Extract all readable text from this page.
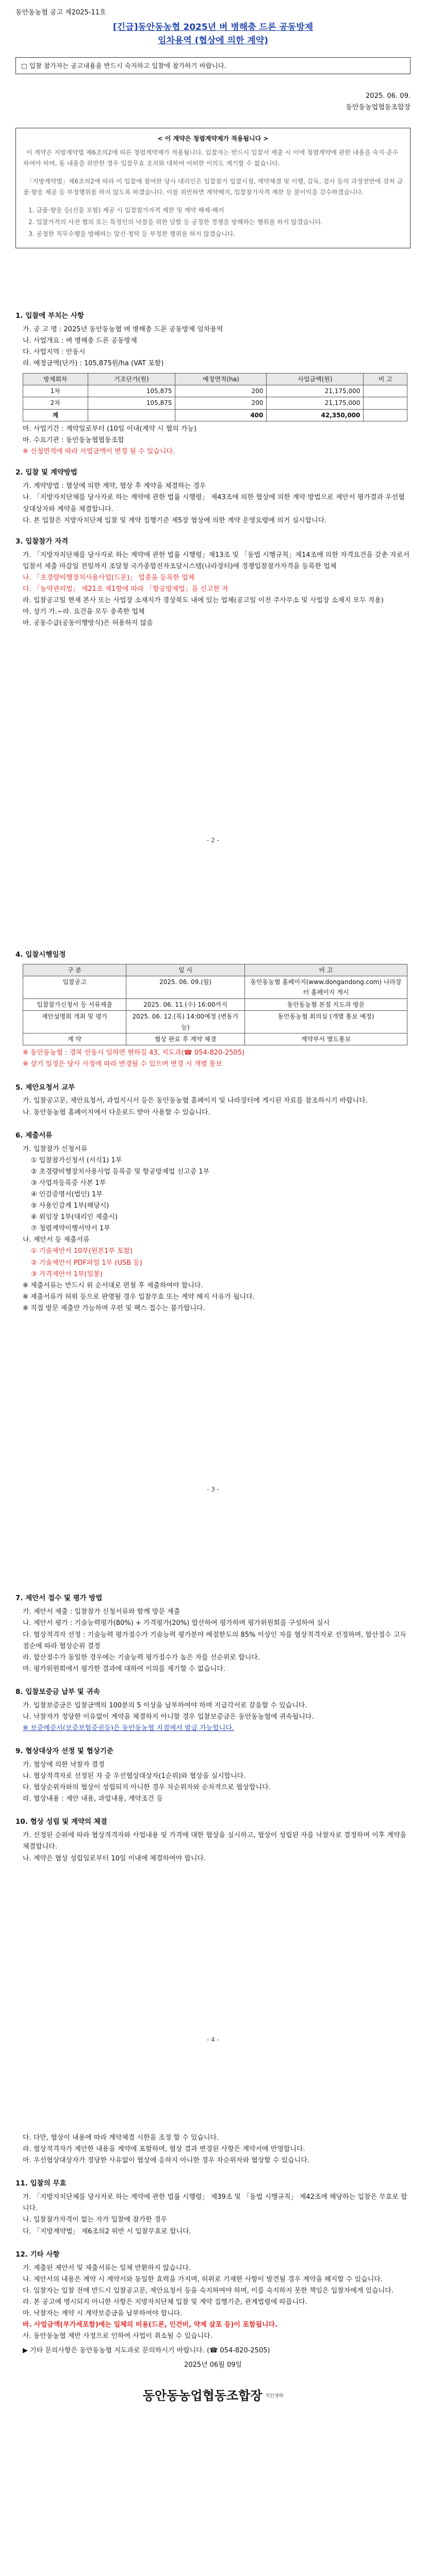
동안동농협 공고 제2025-11호
[긴급]동안동농협 2025년 벼 병해충 드론 공동방제
임차용역 (협상에 의한 계약)
□ 입찰 참가자는 공고내용을 반드시 숙지하고 입찰에 참가하기 바랍니다.
2025. 06. 09.
동안동농업협동조합장
< 이 계약은 청렴계약제가 적용됩니다 >

이 계약은 지방계약법 제6조의2에 따른 청렴계약제가 적용됩니다. 입찰자는 반드시 입찰서 제출 시 이에 청렴계약에 관한 내용을 숙지·준수하여야 하며, 동 내용을 위반한 경우 입찰무효 조치와 대하여 어떠한 이의도 제기할 수 없습니다.

「지방계약법」제6조의2에 따라 이 입찰에 참여한 당사 대리인은 입찰참가 입찰시점, 계약체결 및 이행, 감독, 검사 등의 과정전반에 걸쳐 금품·향응 제공 등 부정행위를 하지 않도록 하겠습니다. 이를 위반하면 계약해지, 입찰참가자격 제한 등 불이익을 감수하겠습니다.

1. 금품·향응 등(선물 포함) 제공 시 입찰참가자격 제한 및 계약 해제·해지
2. 입찰가격의 사전 협의 또는 특정인의 낙찰을 위한 담합 등 공정한 경쟁을 방해하는 행위를 하지 않겠습니다.
3. 공정한 직무수행을 방해하는 알선·청탁 등 부정한 행위를 하지 않겠습니다.
1. 입찰에 부치는 사항
가. 공 고 명 : 2025년 동안동농협 벼 병해충 드론 공동방제 임차용역
나. 사업개요 : 벼 병해충 드론 공동방제
다. 사업지역 : 안동시
라. 예정금액(단가) : 105,875원/ha (VAT 포함)
방제회차	기조단가(원)	예정면적(ha)	사업금액(원)	비 고
1차	105,875	200	21,175,000	
2차	105,875	200	21,175,000	
계		400	42,350,000	
마. 사업기간 : 계약일로부터 (10일 이내(계약 시 협의 가능)
바. 수요기관 : 동안동농협협동조합
※ 신청면적에 따라 사업금액이 변경 될 수 있습니다.
2. 입찰 및 계약방법
가. 계약방법 : 협상에 의한 계약, 협상 후 계약을 체결하는 경우
나. 「지방자치단체를 당사자로 하는 계약에 관한 법률 시행령」 제43조에 의한 협상에 의한 계약 방법으로 제안서 평가결과 우선협상대상자와 계약을 체결합니다.
다. 본 입찰은 지방자치단체 입찰 및 계약 집행기준 제5장 협상에 의한 계약 운영요령에 의거 실시합니다.
3. 입찰참가 자격
가. 「지방자치단체를 당사자로 하는 계약에 관한 법률 시행령」제13조 및 「동법 시행규칙」제14조에 의한 자격요건을 갖춘 자로서 입찰서 제출 마감일 전일까지 조달청 국가종합전자조달시스템(나라장터)에 경쟁입찰참가자격을 등록한 업체
나. 「초경량비행장치사용사업(드론)」 업종을 등록한 업체
다. 「농약관리법」 제21조 제1항에 따라 「항공방제업」을 신고한 자
라. 입찰공고일 현재 본사 또는 사업장 소재지가 경상북도 내에 있는 업체(공고일 이전 주사무소 및 사업장 소재지 모두 적용)
마. 상기 가.~라. 요건을 모두 충족한 업체
바. 공동수급(공동이행방식)은 허용하지 않음
- 2 -
4. 입찰시행일정
구 분	일 시	비 고
입찰공고	2025. 06. 09.(월)	동안동농협 홈페이지(www.dongandong.com) 나라장터 홈페이지 게시
입찰참가신청서 등 서류제출	2025. 06. 11.(수) 16:00까지	동안동농협 본점 지도과 방문
제안설명회 개최 및 평가	2025. 06. 12.(목) 14:00예정 (변동가능)	동안동농협 회의실 (개별 통보 예정)
계 약	협상 완료 후 계약 체결	계약부서 별도통보
※ 동안동농협 : 경북 안동시 임하면 현하길 43, 지도과(☎ 054-820-2505)
※ 상기 일정은 당사 사정에 따라 변경될 수 있으며 변경 시 개별 통보
5. 제안요청서 교부
가. 입찰공고문, 제안요청서, 과업지시서 등은 동안동농협 홈페이지 및 나라장터에 게시된 자료를 참조하시기 바랍니다.
나. 동안동농협 홈페이지에서 다운로드 받아 사용할 수 있습니다.
6. 제출서류
가. 입찰참가 신청서류
① 입찰참가신청서 (서식1) 1부
② 초경량비행장치사용사업 등록증 및 항공방제업 신고증 1부
③ 사업자등록증 사본 1부
④ 인감증명서(법인) 1부
⑤ 사용인감계 1부(해당시)
⑥ 위임장 1부(대리인 제출시)
⑦ 청렴계약이행서약서 1부
나. 제안서 등 제출서류
① 기술제안서 10부(원본1부 포함)
② 기술제안서 PDF파일 1부 (USB 등)
③ 가격제안서 1부(밀봉)
※ 제출서류는 반드시 위 순서대로 편철 후 제출하여야 합니다.
※ 제출서류가 허위 등으로 판명될 경우 입찰무효 또는 계약 해지 사유가 됩니다.
※ 직접 방문 제출만 가능하며 우편 및 팩스 접수는 불가합니다.
- 3 -
7. 제안서 접수 및 평가 방법
가. 제안서 제출 : 입찰참가 신청서류와 함께 방문 제출
나. 제안서 평가 : 기술능력평가(80%) + 가격평가(20%) 합산하여 평가하며 평가위원회를 구성하여 실시
다. 협상적격자 선정 : 기술능력 평가점수가 기술능력 평가분야 배점한도의 85% 이상인 자를 협상적격자로 선정하며, 합산점수 고득점순에 따라 협상순위 결정
라. 합산점수가 동일한 경우에는 기술능력 평가점수가 높은 자를 선순위로 합니다.
마. 평가위원회에서 평가한 결과에 대하여 이의를 제기할 수 없습니다.
8. 입찰보증금 납부 및 귀속
가. 입찰보증금은 입찰금액의 100분의 5 이상을 납부하여야 하며 지급각서로 갈음할 수 있습니다.
나. 낙찰자가 정당한 이유없이 계약을 체결하지 아니할 경우 입찰보증금은 동안동농협에 귀속됩니다.
※ 보증예증서(보증보험증권등)은 동안동농협 지점에서 발급 가능합니다.
9. 협상대상자 선정 및 협상기준
가. 협상에 의한 낙찰자 결정
나. 협상적격자로 선정된 자 중 우선협상대상자(1순위)와 협상을 실시합니다.
다. 협상순위자와의 협상이 성립되지 아니한 경우 차순위자와 순차적으로 협상합니다.
라. 협상내용 : 제안 내용, 과업내용, 계약조건 등
10. 협상 성립 및 계약의 체결
가. 선정된 순위에 따라 협상적격자와 사업내용 및 가격에 대한 협상을 실시하고, 협상이 성립된 자를 낙찰자로 결정하며 이후 계약을 체결합니다.
나. 계약은 협상 성립일로부터 10일 이내에 체결하여야 합니다.
- 4 -
다. 다만, 협상이 내용에 따라 계약체결 시한을 조정 할 수 있습니다.
라. 협상적격자가 제안한 내용을 계약에 포함하며, 협상 결과 변경된 사항은 계약서에 반영합니다.
마. 우선협상대상자가 정당한 사유없이 협상에 응하지 아니한 경우 차순위자와 협상할 수 있습니다.
11. 입찰의 무효
가. 「지방자치단체를 당사자로 하는 계약에 관한 법률 시행령」 제39조 및 「동법 시행규칙」 제42조에 해당하는 입찰은 무효로 합니다.
나. 입찰참가자격이 없는 자가 입찰에 참가한 경우
다. 「지방계약법」 제6조의2 위반 시 입찰무효로 합니다.
12. 기타 사항
가. 제출된 제안서 및 제출서류는 일체 반환하지 않습니다.
나. 제안서의 내용은 계약 시 계약서와 동일한 효력을 가지며, 허위로 기재한 사항이 발견될 경우 계약을 해지할 수 있습니다.
다. 입찰자는 입찰 전에 반드시 입찰공고문, 제안요청서 등을 숙지하여야 하며, 이를 숙지하지 못한 책임은 입찰자에게 있습니다.
라. 본 공고에 명시되지 아니한 사항은 지방자치단체 입찰 및 계약 집행기준, 관계법령에 따릅니다.
마. 낙찰자는 계약 시 계약보증금을 납부하여야 합니다.
바. 사업금액(부가세포함)에는 일체의 비용(드론, 인건비, 약제 살포 등)이 포함됩니다.
사. 동안동농협 제반 사정으로 인하여 사업이 취소될 수 있습니다.
▶ 기타 문의사항은 동안동농협 지도과로 문의하시기 바랍니다. (☎ 054-820-2505)
2025년 06월 09일
동안동농업협동조합장 직인생략
